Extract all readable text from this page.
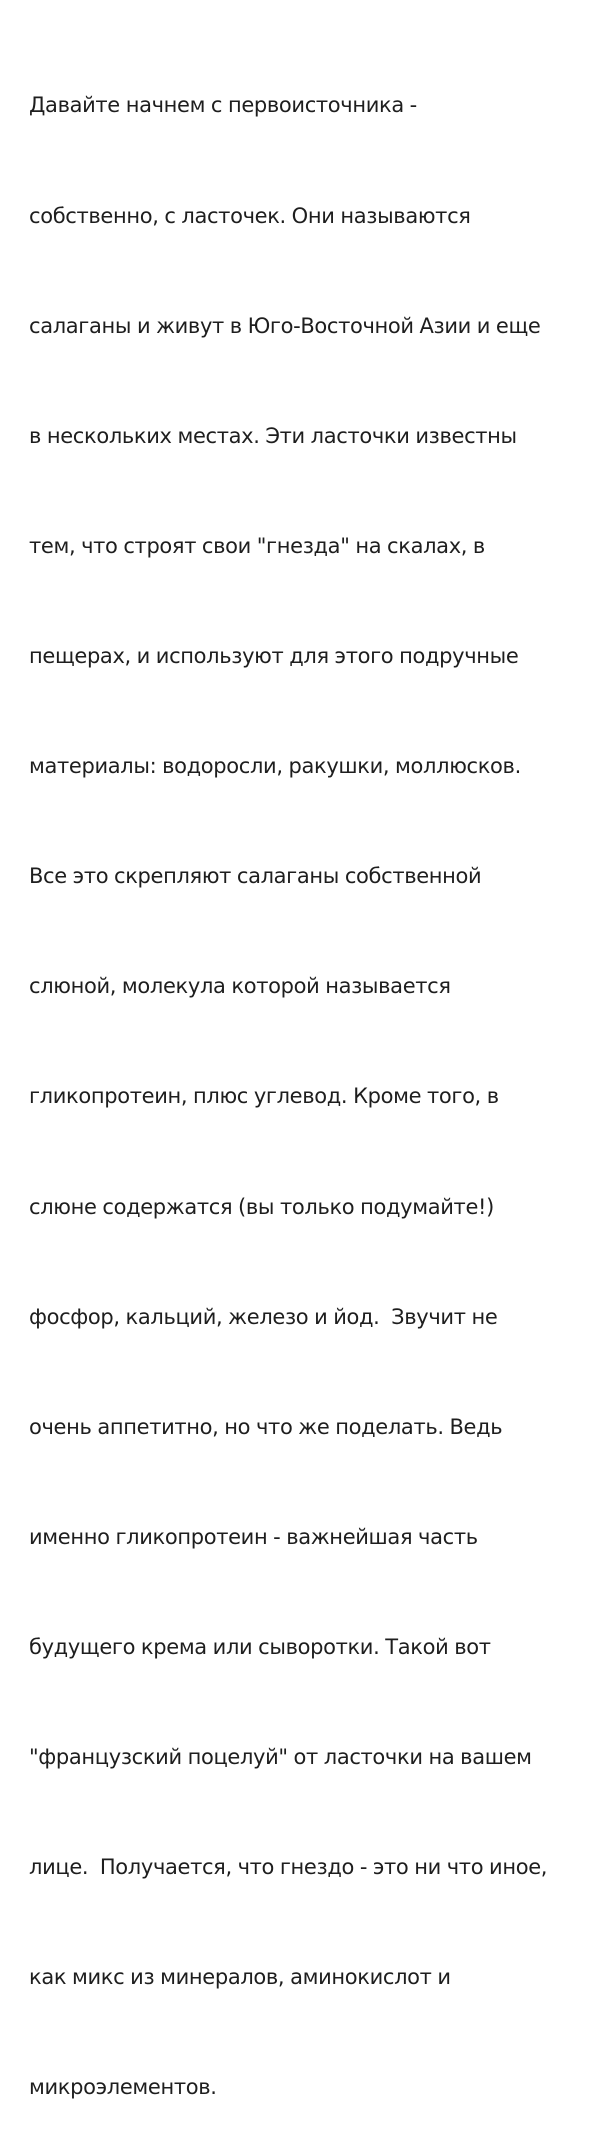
Давайте начнем с первоисточника -

собственно, с ласточек. Они называются

салаганы и живут в Юго-Восточной Азии и еще

в нескольких местах. Эти ласточки известны

тем, что строят свои "гнезда" на скалах, в

пещерах, и используют для этого подручные

материалы: водоросли, ракушки, моллюсков.

Все это скрепляют салаганы собственной

слюной, молекула которой называется

гликопротеин, плюс углевод. Кроме того, в

слюне содержатся (вы только подумайте!)

фосфор, кальций, железо и йод.  Звучит не

очень аппетитно, но что же поделать. Ведь

именно гликопротеин - важнейшая часть

будущего крема или сыворотки. Такой вот

"французский поцелуй" от ласточки на вашем

лице.  Получается, что гнездо - это ни что иное,

как микс из минералов, аминокислот и

микроэлементов.
